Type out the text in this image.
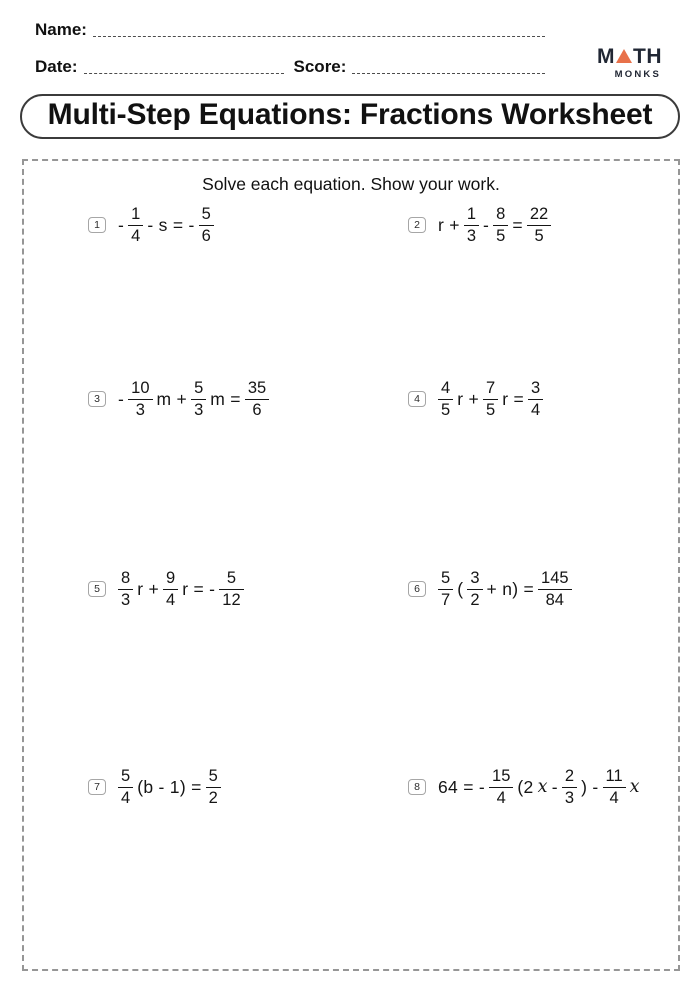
Name:
Date:	Score:	M TH
MONKS
Multi-Step Equations: Fractions Worksheet
Solve each equation. Show your work.
1	- $\frac{1}{4}$ - s = - $\frac{5}{6}$	2	$r + \frac{1}{3} - \frac{8}{5} = \frac{22}{5}$
3	- $\frac{10}{3}$ $m + \frac{5}{3}$ $m = \frac{35}{6}$	4	$\frac{4}{5}$ $r + \frac{7}{5}$ $r = \frac{3}{4}$
5	$\frac{8}{3}$ $r + \frac{9}{4}$ r = - $\frac{5}{12}$	6	$\frac{5}{7}$ ( $\frac{3}{2} + n) = \frac{145}{84}$
7	$\frac{5}{4} (b - 1) = \frac{5}{2}$	8	64 = - $\frac{15}{4} (2$ x - $\frac{2}{3}$ ) - $\frac{11}{4}$ x
